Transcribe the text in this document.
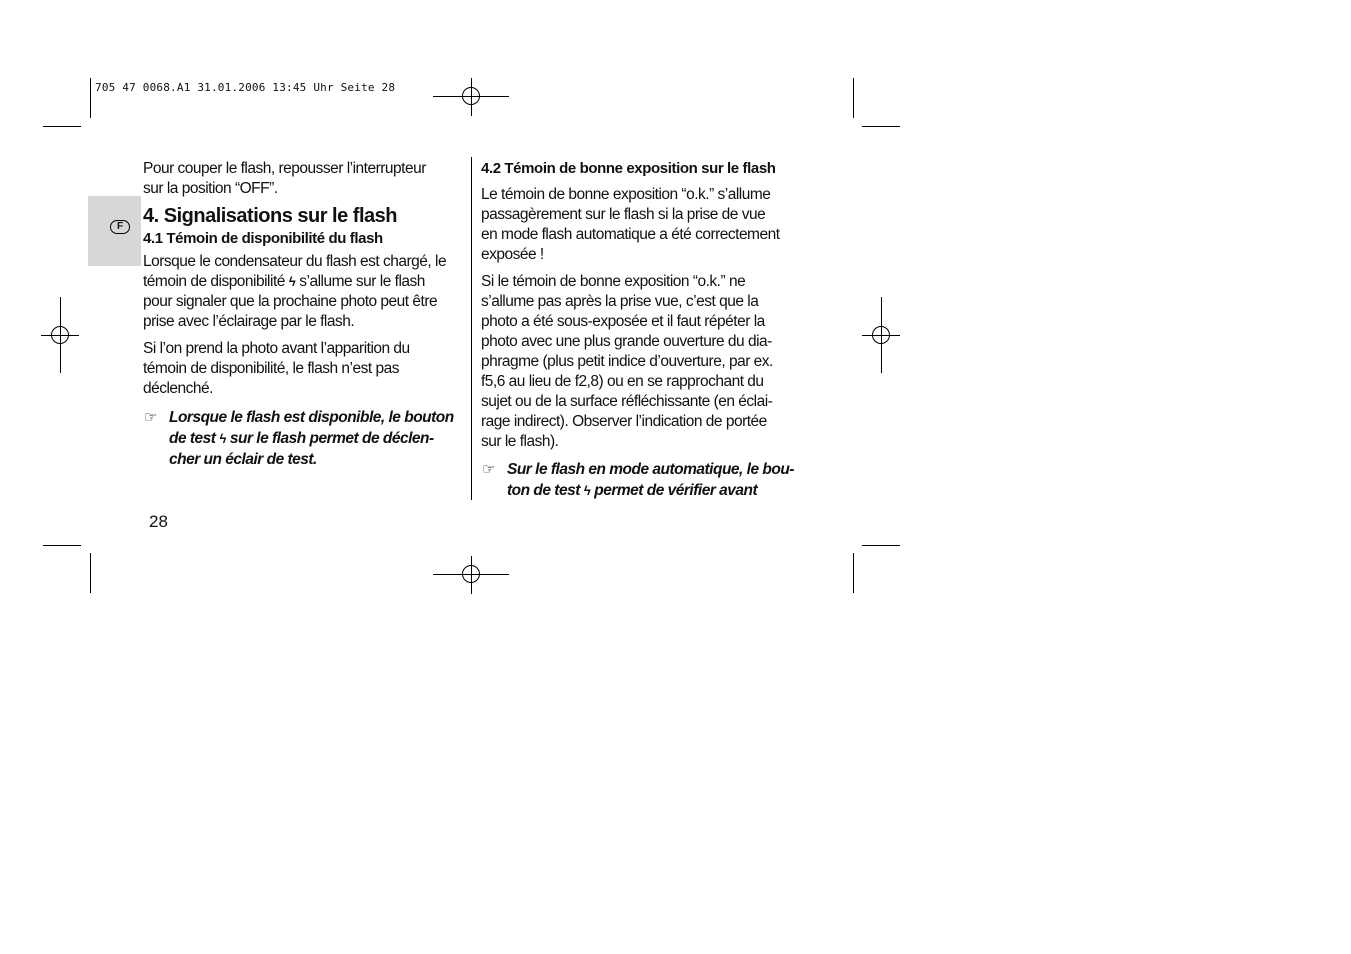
705 47 0068.A1 31.01.2006 13:45 Uhr Seite 28
F

Pour couper le flash, repousser l’interrupteur
sur la position “OFF”.

4. Signalisations sur le flash
4.1 Témoin de disponibilité du flash

Lorsque le condensateur du flash est chargé, le
témoin de disponibilité ϟ s’allume sur le flash
pour signaler que la prochaine photo peut être
prise avec l’éclairage par le flash.

Si l’on prend la photo avant l’apparition du
témoin de disponibilité, le flash n’est pas
déclenché.

☞ Lorsque le flash est disponible, le bouton
de test ϟ sur le flash permet de déclen-
cher un éclair de test.

4.2 Témoin de bonne exposition sur le flash

Le témoin de bonne exposition “o.k.” s’allume
passagèrement sur le flash si la prise de vue
en mode flash automatique a été correctement
exposée !

Si le témoin de bonne exposition “o.k.” ne
s’allume pas après la prise vue, c’est que la
photo a été sous-exposée et il faut répéter la
photo avec une plus grande ouverture du dia-
phragme (plus petit indice d’ouverture, par ex.
f5,6 au lieu de f2,8) ou en se rapprochant du
sujet ou de la surface réfléchissante (en éclai-
rage indirect). Observer l’indication de portée
sur le flash).

☞ Sur le flash en mode automatique, le bou-
ton de test ϟ permet de vérifier avant

28
